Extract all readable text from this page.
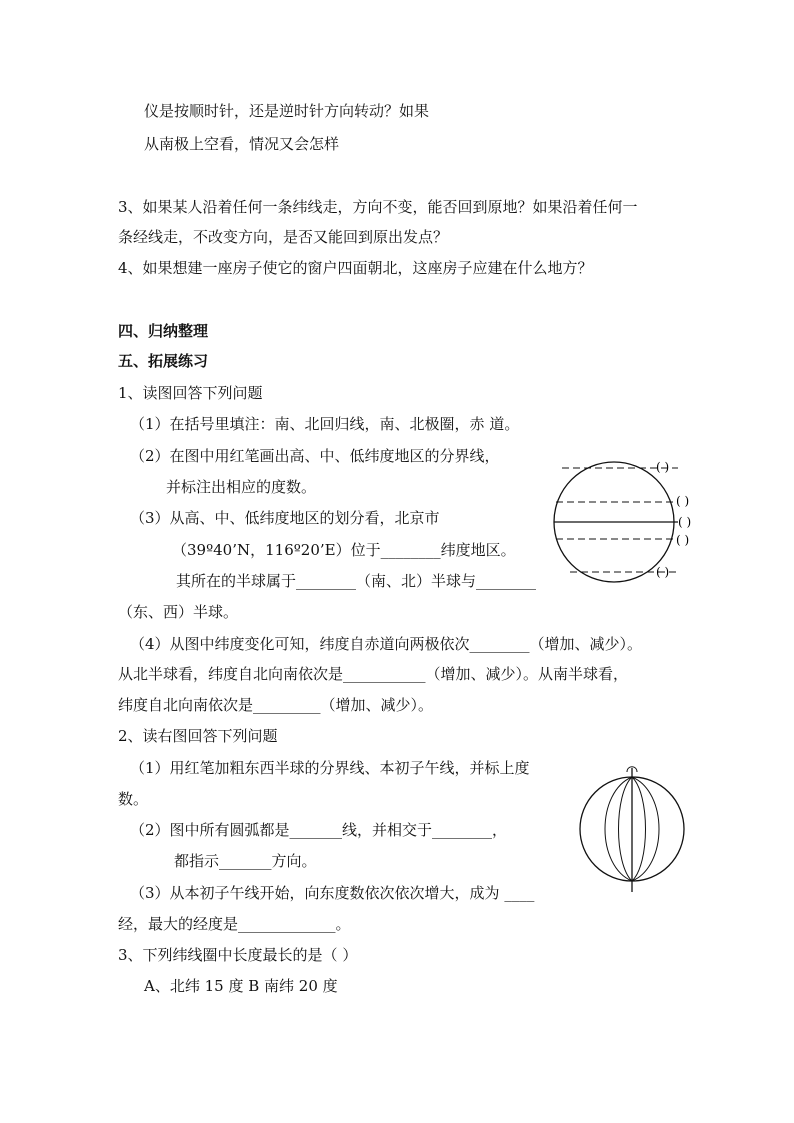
仪是按顺时针，还是逆时针方向转动？如果
从南极上空看，情况又会怎样
3、如果某人沿着任何一条纬线走，方向不变，能否回到原地？如果沿着任何一
条经线走，不改变方向，是否又能回到原出发点？
4、如果想建一座房子使它的窗户四面朝北，这座房子应建在什么地方？
四、归纳整理
五、拓展练习
1、读图回答下列问题
（1）在括号里填注：南、北回归线，南、北极圈，赤 道。
（2）在图中用红笔画出高、中、低纬度地区的分界线，
并标注出相应的度数。
（3）从高、中、低纬度地区的划分看，北京市
（39º40’N，116º20’E）位于________纬度地区。
其所在的半球属于________（南、北）半球与________
（东、西）半球。
（4）从图中纬度变化可知，纬度自赤道向两极依次________（增加、减少）。
从北半球看，纬度自北向南依次是___________（增加、减少）。从南半球看，
纬度自北向南依次是_________（增加、减少）。
2、读右图回答下列问题
（1）用红笔加粗东西半球的分界线、本初子午线，并标上度
数。
（2）图中所有圆弧都是_______线，并相交于________，
都指示_______方向。
（3）从本初子午线开始，向东度数依次依次增大，成为 ____
经，最大的经度是_____________。
3、下列纬线圈中长度最长的是（ ）
A、北纬 15 度 B 南纬 20 度
( )
( )
( )
( )
( )
